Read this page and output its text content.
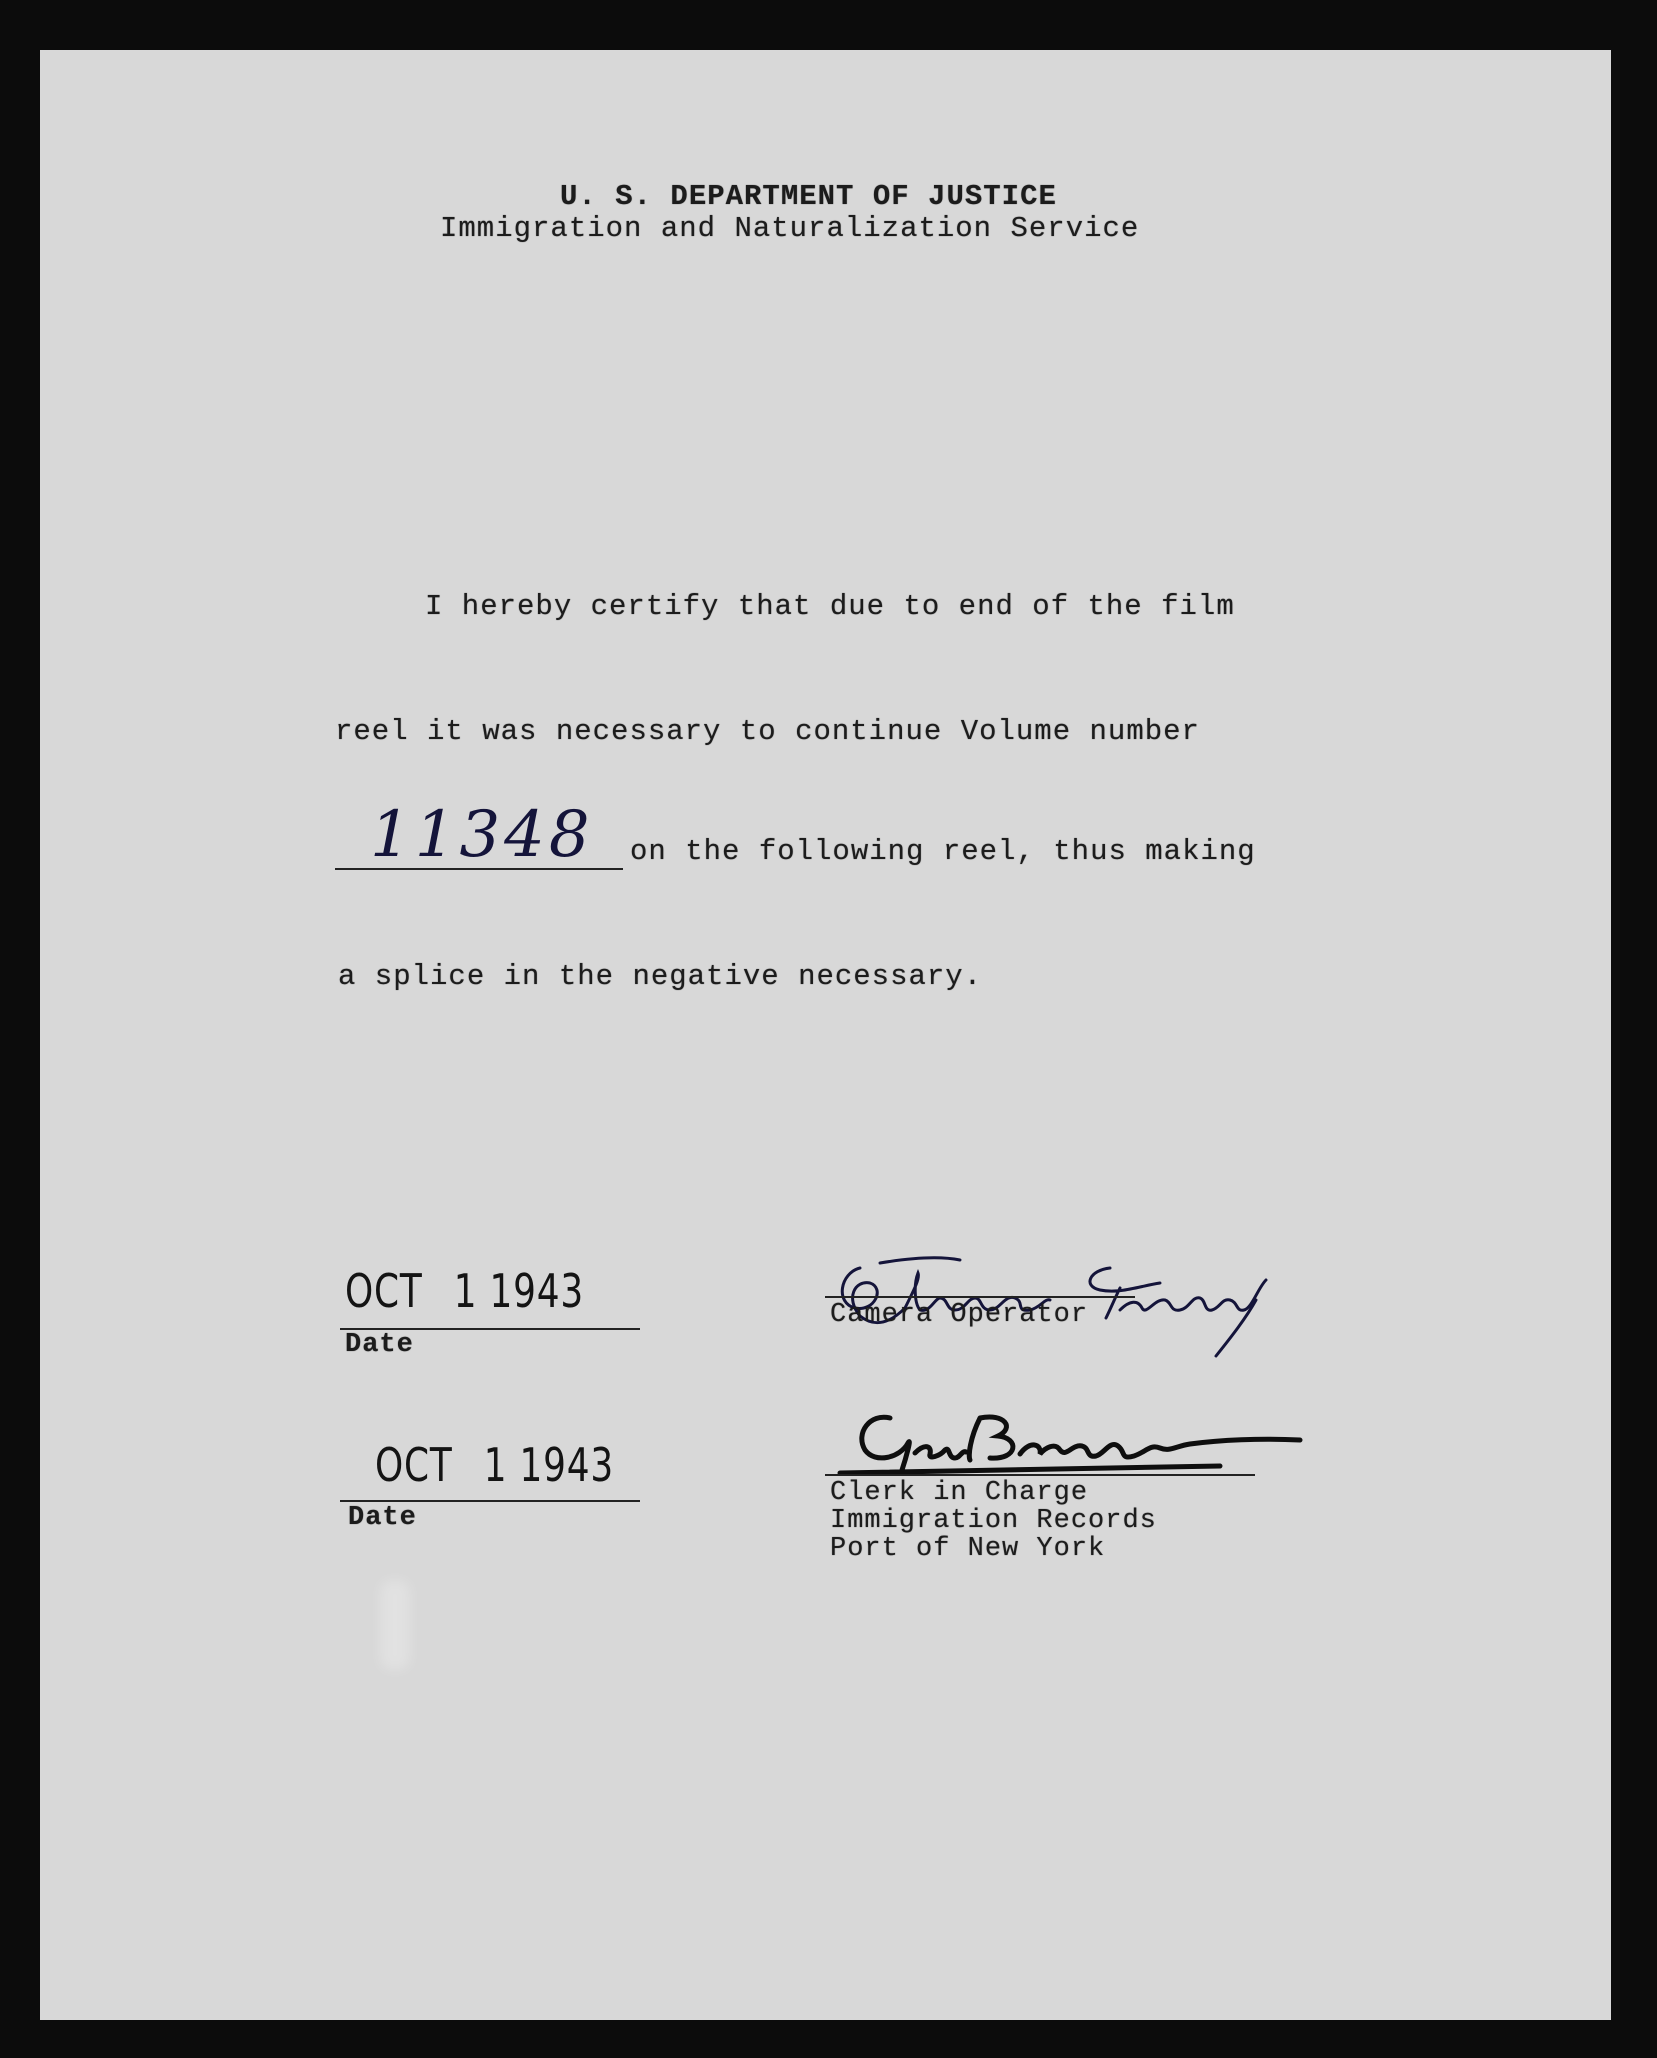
U. S. DEPARTMENT OF JUSTICE
Immigration and Naturalization Service
I hereby certify that due to end of the film
reel it was necessary to continue Volume number
11348 on the following reel, thus making
a splice in the negative necessary.
OCT 1 1943
Date
OCT 1 1943
Date
Camera Operator
Clerk in Charge
Immigration Records
Port of New York
